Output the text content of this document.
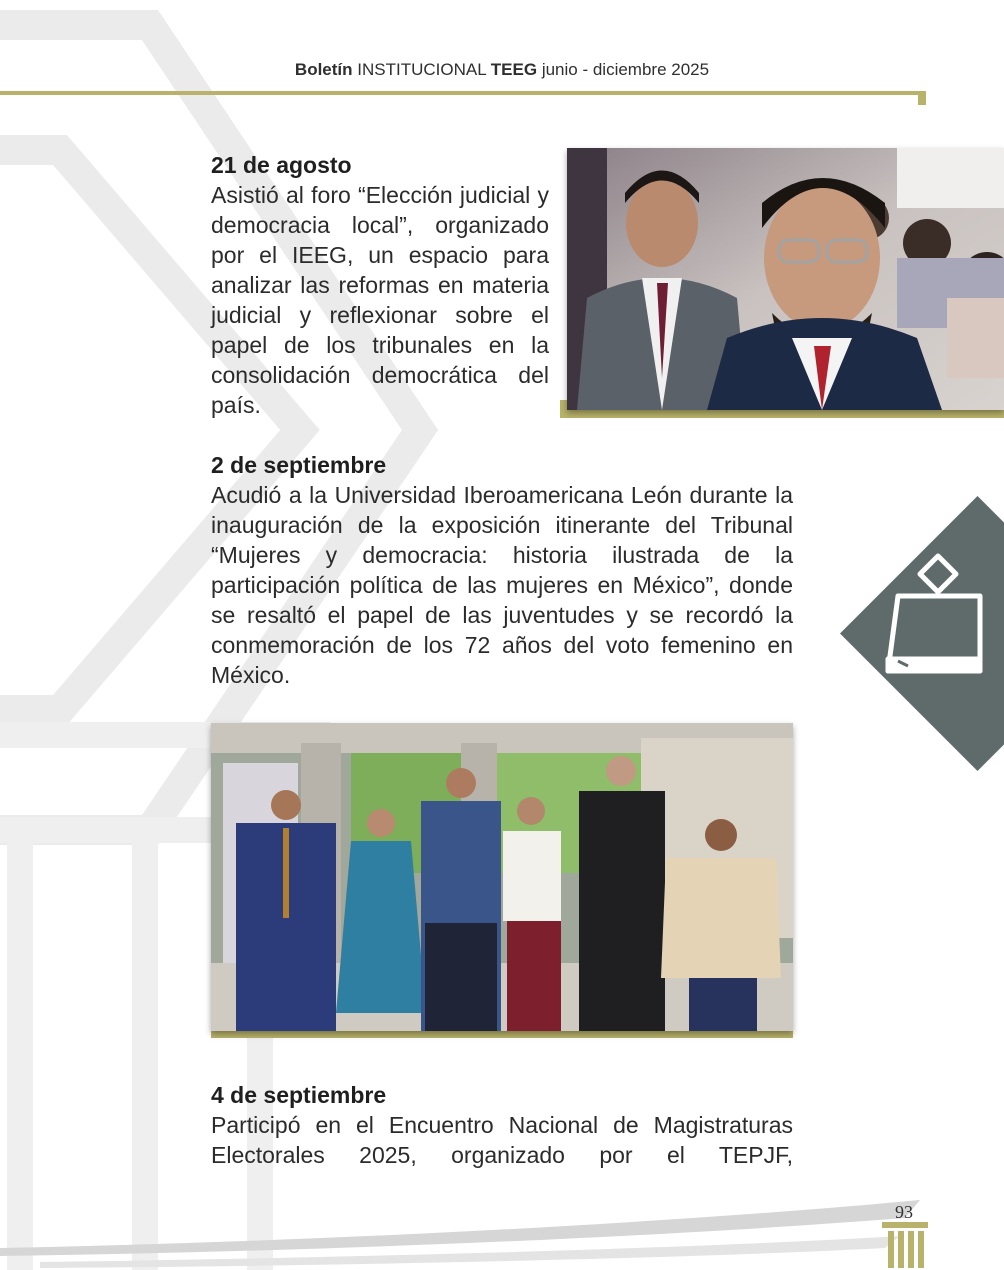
Boletín INSTITUCIONAL TEEG junio - diciembre 2025
21 de agosto
Asistió al foro “Elección judicial y democracia local”, organizado por el IEEG, un espacio para analizar las reformas en materia judicial y reflexionar sobre el papel de los tribunales en la consolidación democrática del país.
2 de septiembre
Acudió a la Universidad Iberoamericana León durante la inauguración de la exposición itinerante del Tribunal “Mujeres y democracia: historia ilustrada de la participación política de las mujeres en México”, donde se resaltó el papel de las juventudes y se recordó la conmemoración de los 72 años del voto femenino en México.
4 de septiembre
Participó en el Encuentro Nacional de Magistraturas Electorales 2025, organizado por el TEPJF,
93
